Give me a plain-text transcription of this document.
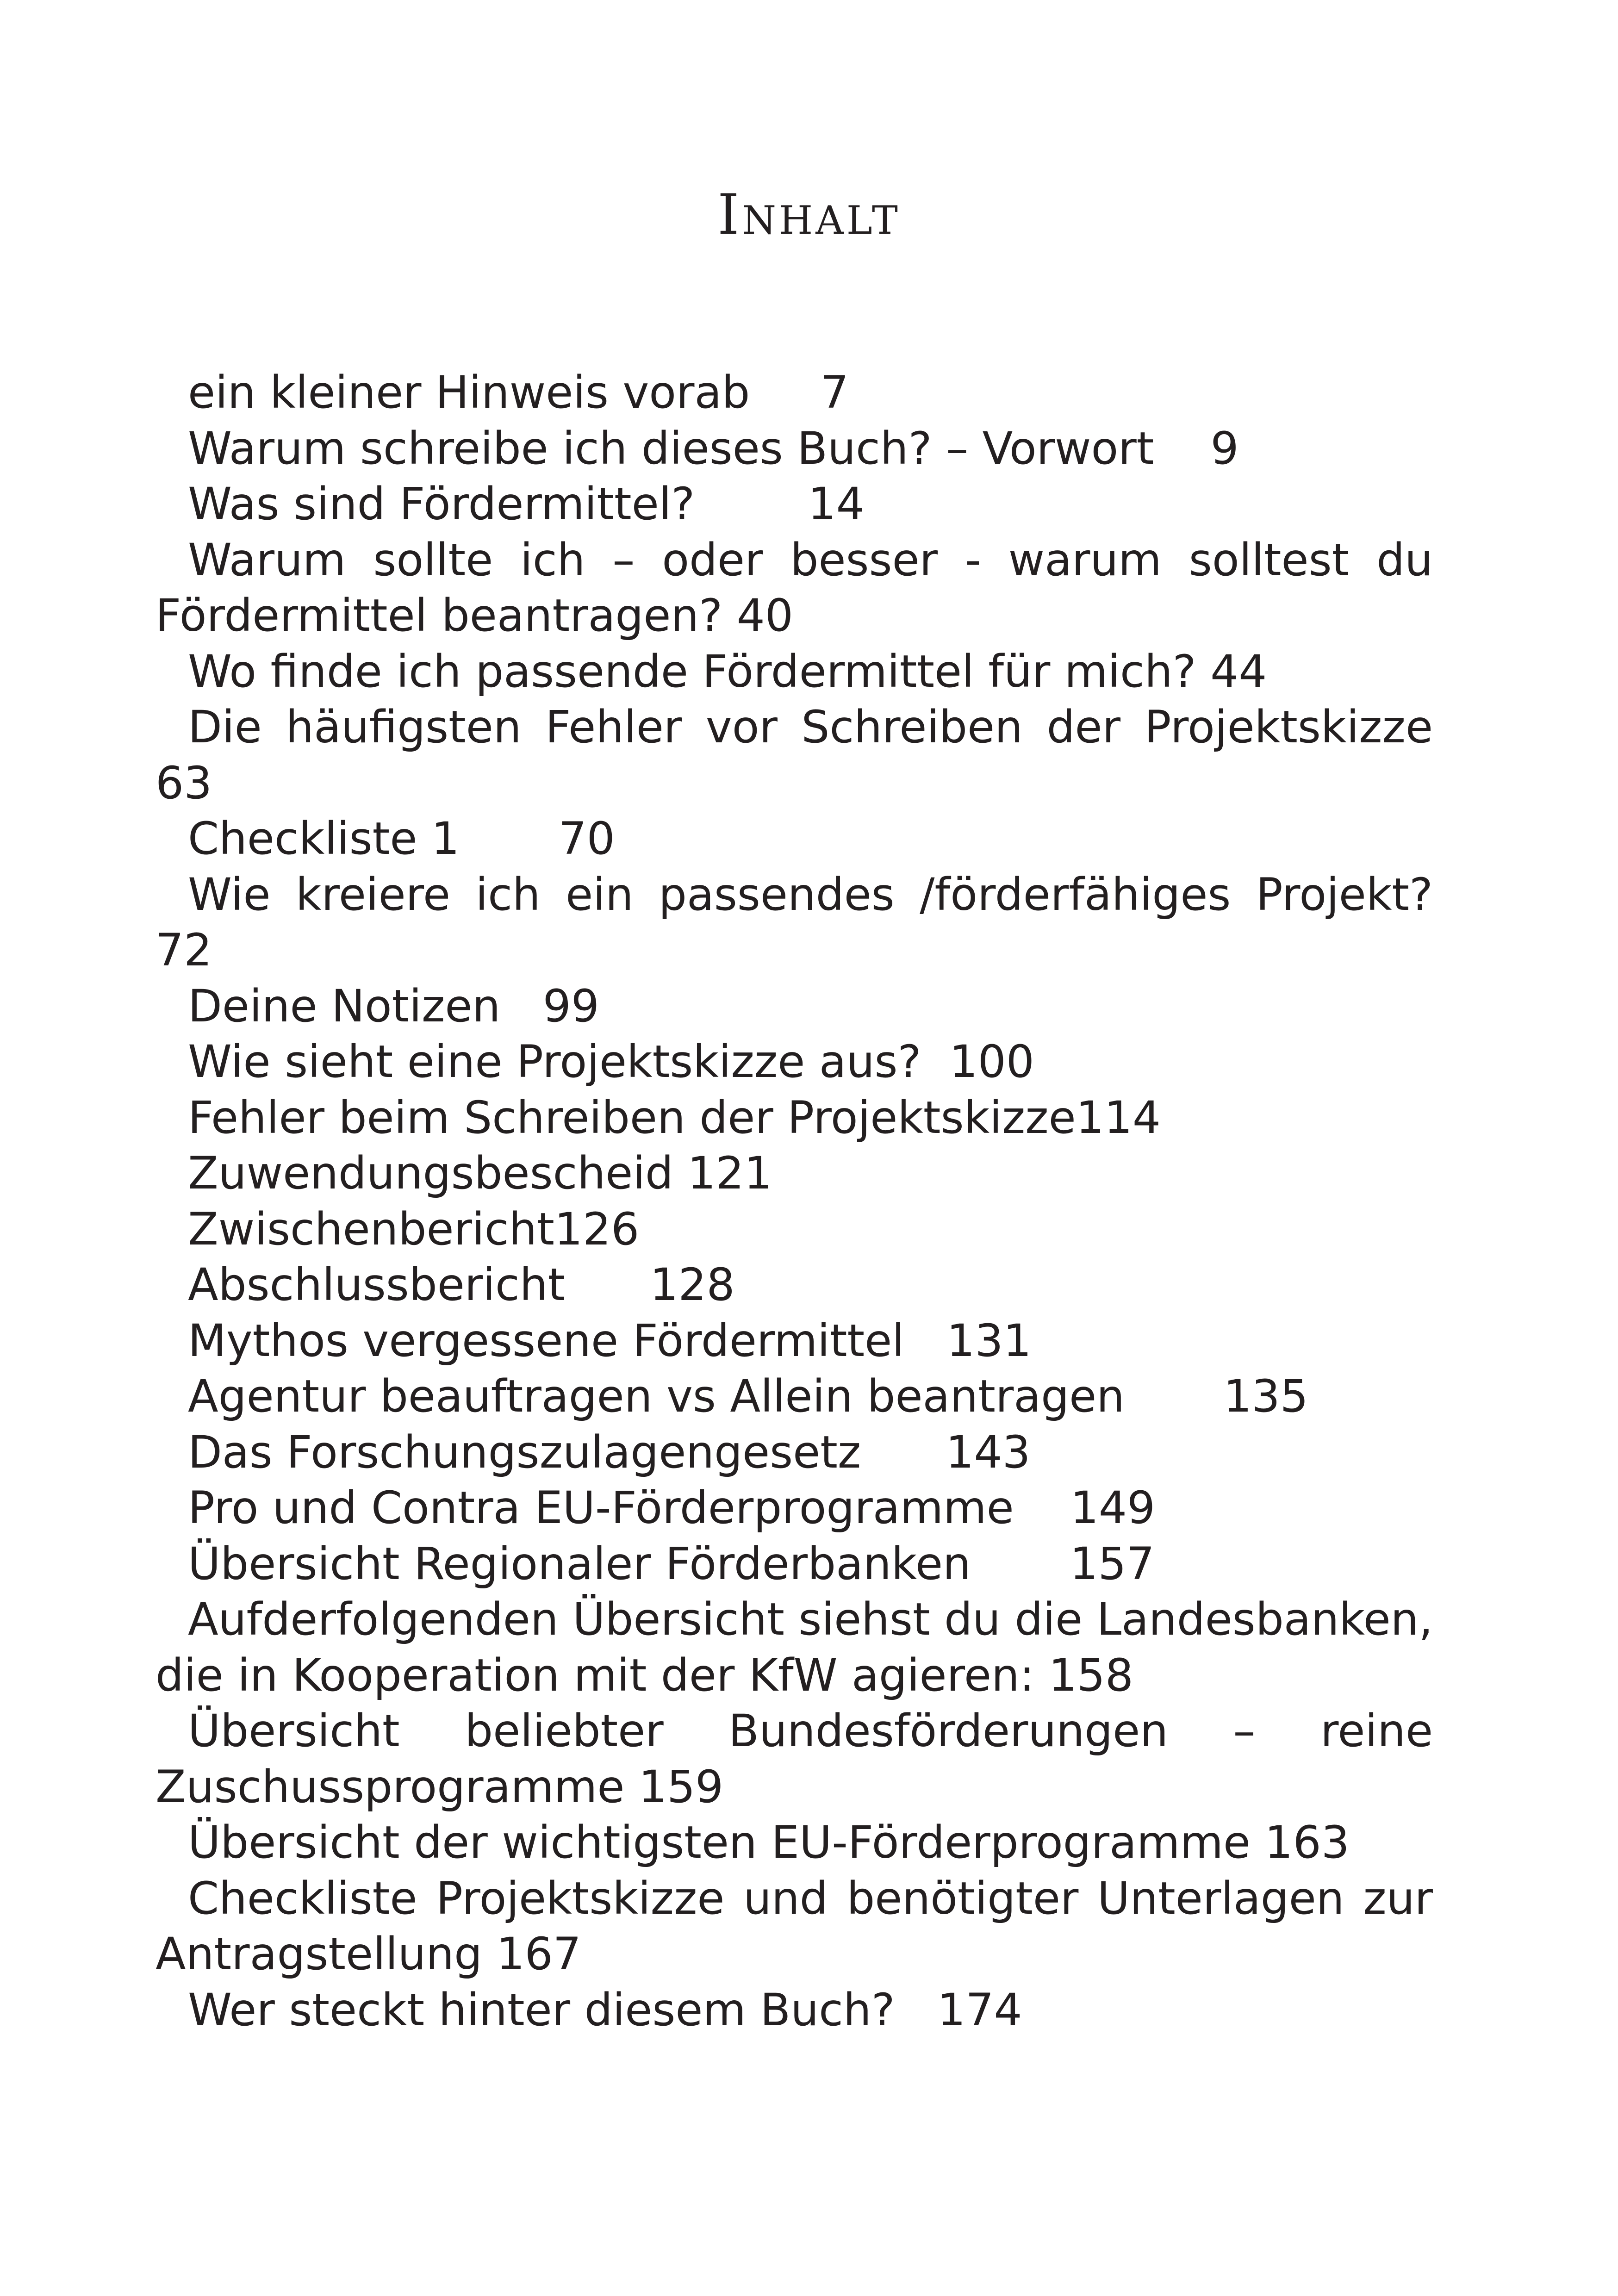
Inhalt
ein kleiner Hinweis vorab 7
Warum schreibe ich dieses Buch? – Vorwort 9
Was sind Fördermittel?	14
Warum sollte ich – oder besser - warum solltest du Fördermittel beantragen? 40
Wo finde ich passende Fördermittel für mich? 44
Die häufigsten Fehler vor Schreiben der Projektskizze 63
Checkliste 1 70
Wie kreiere ich ein passendes /förderfähiges Projekt? 72
Deine Notizen 99
Wie sieht eine Projektskizze aus? 100
Fehler beim Schreiben der Projektskizze114
Zuwendungsbescheid 121
Zwischenbericht126
Abschlussbericht 128
Mythos vergessene Fördermittel 131
Agentur beauftragen vs Allein beantragen 135
Das Forschungszulagengesetz 143
Pro und Contra EU-Förderprogramme 149
Übersicht Regionaler Förderbanken 157
Aufderfolgenden Übersicht siehst du die Landesbanken, die in Kooperation mit der KfW agieren: 158
Übersicht beliebter Bundesförderungen – reine Zuschussprogramme 159
Übersicht der wichtigsten EU-Förderprogramme 163
Checkliste Projektskizze und benötigter Unterlagen zur Antragstellung 167
Wer steckt hinter diesem Buch? 174
